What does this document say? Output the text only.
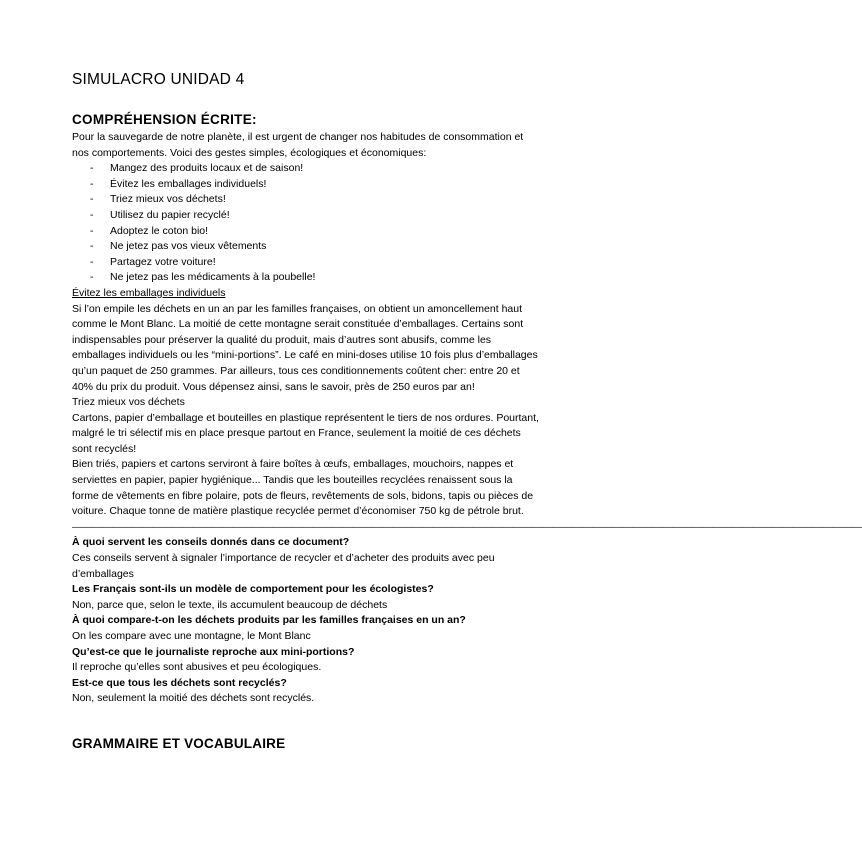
SIMULACRO UNIDAD 4
COMPRÉHENSION ÉCRITE:

Pour la sauvegarde de notre planète, il est urgent de changer nos habitudes de consommation et nos comportements. Voici des gestes simples, écologiques et économiques:

- Mangez des produits locaux et de saison!
- Évitez les emballages individuels!
- Triez mieux vos déchets!
- Utilisez du papier recyclé!
- Adoptez le coton bio!
- Ne jetez pas vos vieux vêtements
- Partagez votre voiture!
- Ne jetez pas les médicaments à la poubelle!

Évitez les emballages individuels

Si l’on empile les déchets en un an par les familles françaises, on obtient un amoncellement haut comme le Mont Blanc. La moitié de cette montagne serait constituée d’emballages. Certains sont indispensables pour préserver la qualité du produit, mais d’autres sont abusifs, comme les emballages individuels ou les “mini-portions”. Le café en mini-doses utilise 10 fois plus d’emballages qu’un paquet de 250 grammes. Par ailleurs, tous ces conditionnements coûtent cher: entre 20 et 40% du prix du produit. Vous dépensez ainsi, sans le savoir, près de 250 euros par an!

Triez mieux vos déchets

Cartons, papier d’emballage et bouteilles en plastique représentent le tiers de nos ordures. Pourtant, malgré le tri sélectif mis en place presque partout en France, seulement la moitié de ces déchets sont recyclés!

Bien triés, papiers et cartons serviront à faire boîtes à œufs, emballages, mouchoirs, nappes et serviettes en papier, papier hygiénique... Tandis que les bouteilles recyclées renaissent sous la forme de vêtements en fibre polaire, pots de fleurs, revêtements de sols, bidons, tapis ou pièces de voiture. Chaque tonne de matière plastique recyclée permet d’économiser 750 kg de pétrole brut.

———————————————————————————————————————————————————————————————————————————————

À quoi servent les conseils donnés dans ce document?

Ces conseils servent à signaler l’importance de recycler et d’acheter des produits avec peu d’emballages

Les Français sont-ils un modèle de comportement pour les écologistes?

Non, parce que, selon le texte, ils accumulent beaucoup de déchets

À quoi compare-t-on les déchets produits par les familles françaises en un an?

On les compare avec une montagne, le Mont Blanc

Qu’est-ce que le journaliste reproche aux mini-portions?

Il reproche qu’elles sont abusives et peu écologiques.

Est-ce que tous les déchets sont recyclés?

Non, seulement la moitié des déchets sont recyclés.

GRAMMAIRE ET VOCABULAIRE
